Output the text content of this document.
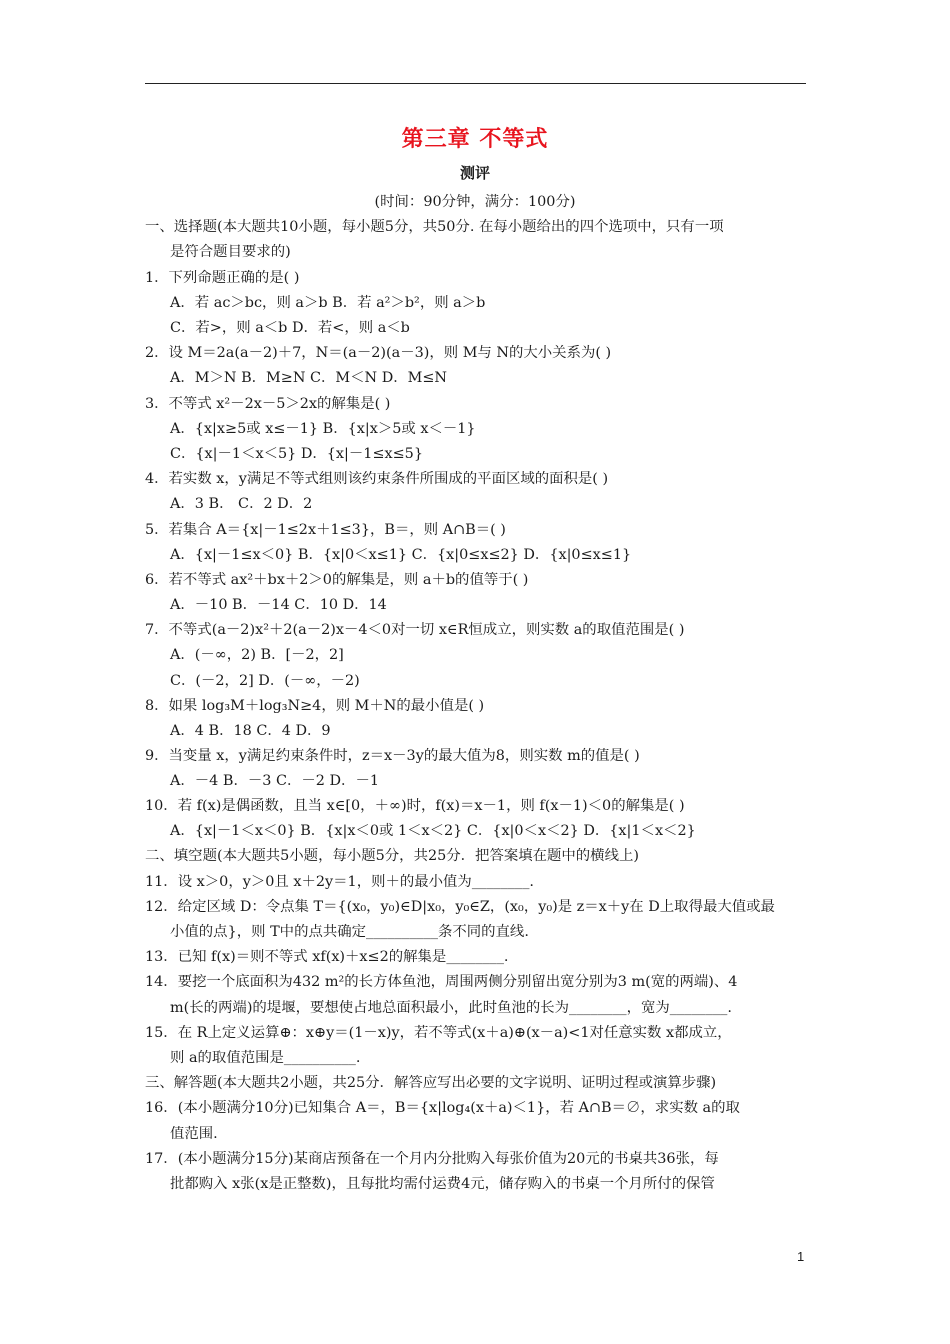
第三章 不等式
测评
(时间：90分钟，满分：100分)
一、选择题(本大题共10小题，每小题5分，共50分. 在每小题给出的四个选项中，只有一项
是符合题目要求的)
1．下列命题正确的是( )
A．若 ac＞bc，则 a＞b B．若 a²＞b²，则 a＞b
C．若>，则 a＜b D．若<，则 a＜b
2．设 M＝2a(a－2)＋7，N＝(a－2)(a－3)，则 M与 N的大小关系为( )
A．M＞N B．M≥N C．M＜N D．M≤N
3．不等式 x²－2x－5＞2x的解集是( )
A．{x|x≥5或 x≤－1} B．{x|x＞5或 x＜－1}
C．{x|－1＜x＜5} D．{x|－1≤x≤5}
4．若实数 x，y满足不等式组则该约束条件所围成的平面区域的面积是( )
A．3 B． C．2 D．2
5．若集合 A＝{x|－1≤2x＋1≤3}，B＝，则 A∩B＝( )
A．{x|－1≤x＜0} B．{x|0＜x≤1} C．{x|0≤x≤2} D．{x|0≤x≤1}
6．若不等式 ax²＋bx＋2＞0的解集是，则 a＋b的值等于( )
A．－10 B．－14 C．10 D．14
7．不等式(a－2)x²＋2(a－2)x－4＜0对一切 x∈R恒成立，则实数 a的取值范围是( )
A．(－∞，2) B．[－2，2]
C．(－2，2] D．(－∞，－2)
8．如果 log₃M＋log₃N≥4，则 M＋N的最小值是( )
A．4 B．18 C．4 D．9
9．当变量 x，y满足约束条件时，z＝x－3y的最大值为8，则实数 m的值是( )
A．－4 B．－3 C．－2 D．－1
10．若 f(x)是偶函数，且当 x∈[0，＋∞)时，f(x)＝x－1，则 f(x－1)＜0的解集是( )
A．{x|－1＜x＜0} B．{x|x＜0或 1＜x＜2} C．{x|0＜x＜2} D．{x|1＜x＜2}
二、填空题(本大题共5小题，每小题5分，共25分．把答案填在题中的横线上)
11．设 x＞0，y＞0且 x＋2y＝1，则＋的最小值为________.
12．给定区域 D：令点集 T＝{(x₀，y₀)∈D|x₀，y₀∈Z，(x₀，y₀)是 z＝x＋y在 D上取得最大值或最
小值的点}，则 T中的点共确定__________条不同的直线.
13．已知 f(x)＝则不等式 xf(x)＋x≤2的解集是________.
14．要挖一个底面积为432 m²的长方体鱼池，周围两侧分别留出宽分别为3 m(宽的两端)、4
m(长的两端)的堤堰，要想使占地总面积最小，此时鱼池的长为________，宽为________.
15．在 R上定义运算⊕：x⊕y＝(1－x)y，若不等式(x＋a)⊕(x－a)<1对任意实数 x都成立，
则 a的取值范围是__________.
三、解答题(本大题共2小题，共25分．解答应写出必要的文字说明、证明过程或演算步骤)
16．(本小题满分10分)已知集合 A＝，B＝{x|log₄(x＋a)＜1}，若 A∩B＝∅，求实数 a的取
值范围.
17．(本小题满分15分)某商店预备在一个月内分批购入每张价值为20元的书桌共36张，每
批都购入 x张(x是正整数)，且每批均需付运费4元，储存购入的书桌一个月所付的保管
1
